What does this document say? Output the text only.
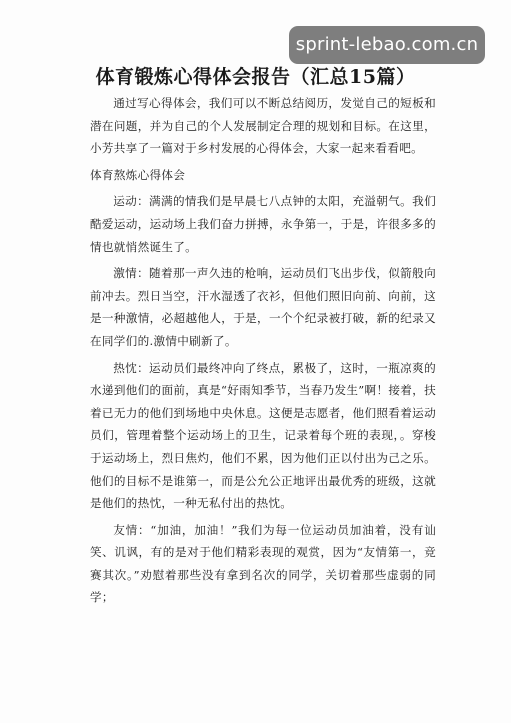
sprint-lebao.com.cn
体育锻炼心得体会报告（汇总15篇）

通过写心得体会，我们可以不断总结阅历，发觉自己的短板和潜在问题，并为自己的个人发展制定合理的规划和目标。在这里，小芳共享了一篇对于乡村发展的心得体会，大家一起来看看吧。

体育熬炼心得体会

运动：满满的情我们是早晨七八点钟的太阳，充溢朝气。我们酷爱运动，运动场上我们奋力拼搏，永争第一，于是，许很多多的情也就悄然诞生了。

激情：随着那一声久违的枪响，运动员们飞出步伐，似箭般向前冲去。烈日当空，汗水湿透了衣衫，但他们照旧向前、向前，这是一种激情，必超越他人，于是，一个个纪录被打破，新的纪录又在同学们的.激情中刷新了。

热忱：运动员们最终冲向了终点，累极了，这时，一瓶凉爽的水递到他们的面前，真是“好雨知季节，当春乃发生”啊！接着，扶着已无力的他们到场地中央休息。这便是志愿者，他们照看着运动员们，管理着整个运动场上的卫生，记录着每个班的表现，。穿梭于运动场上，烈日焦灼，他们不累，因为他们正以付出为己之乐。他们的目标不是谁第一，而是公允公正地评出最优秀的班级，这就是他们的热忱，一种无私付出的热忱。

友情：“加油，加油！”我们为每一位运动员加油着，没有讪笑、讥讽，有的是对于他们精彩表现的观赏，因为“友情第一，竞赛其次。”劝慰着那些没有拿到名次的同学，关切着那些虚弱的同学；
